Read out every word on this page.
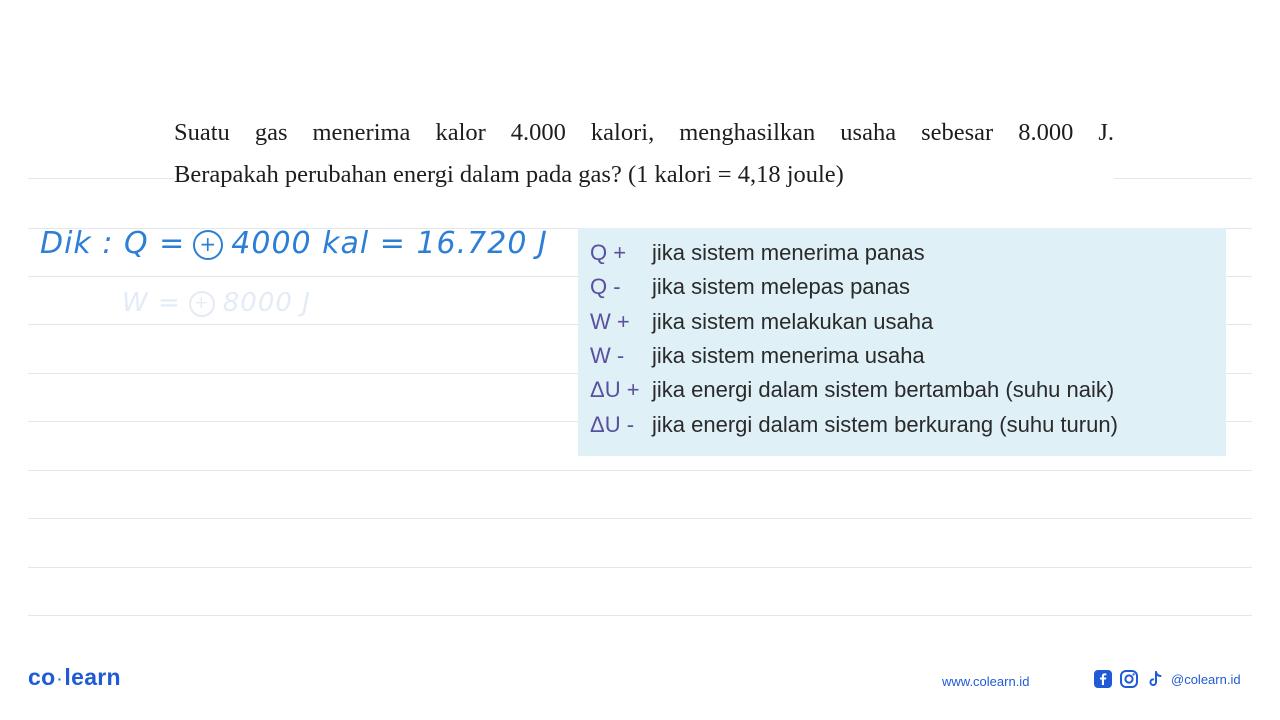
Suatu gas menerima kalor 4.000 kalori, menghasilkan usaha sebesar 8.000 J.
Berapakah perubahan energi dalam pada gas? (1 kalori = 4,18 joule)
Dik : Q = + 4000 kal = 16.720 J
W = + 8000 J
Q +	jika sistem menerima panas
Q -	jika sistem melepas panas
W +	jika sistem melakukan usaha
W -	jika sistem menerima usaha
ΔU + jika energi dalam sistem bertambah (suhu naik)
ΔU - jika energi dalam sistem berkurang (suhu turun)
co ·learn	www.colearn.id	@colearn.id
